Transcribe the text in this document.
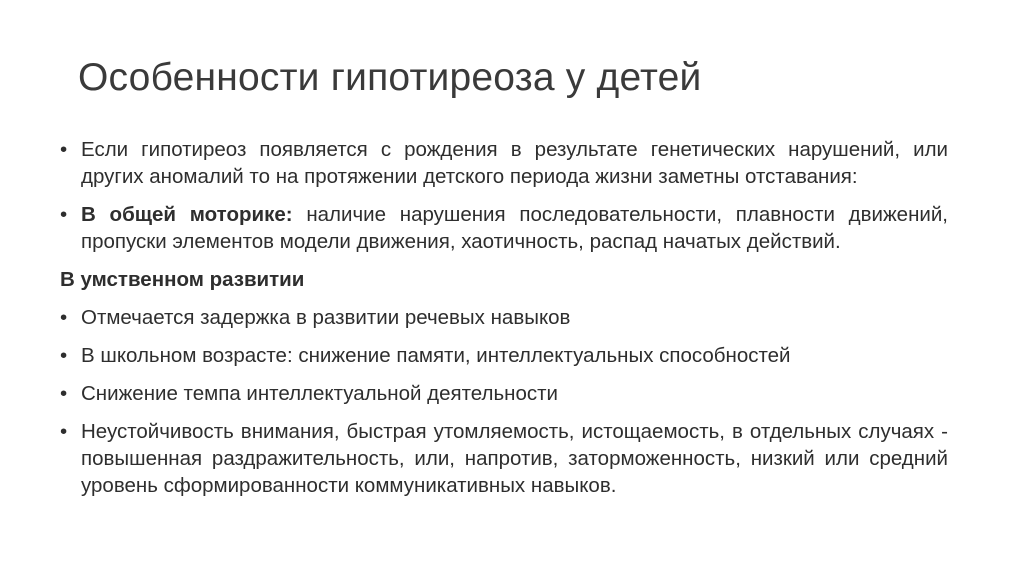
Особенности гипотиреоза у детей
• Если гипотиреоз появляется с рождения в результате генетических нарушений, или других аномалий то на протяжении детского периода жизни заметны отставания:
• В общей моторике: наличие нарушения последовательности, плавности движений, пропуски элементов модели движения, хаотичность, распад начатых действий.
В умственном развитии
• Отмечается задержка в развитии речевых навыков
• В школьном возрасте: снижение памяти, интеллектуальных способностей
• Снижение темпа интеллектуальной деятельности
• Неустойчивость внимания, быстрая утомляемость, истощаемость, в отдельных случаях - повышенная раздражительность, или, напротив, заторможенность, низкий или средний уровень сформированности коммуникативных навыков.
